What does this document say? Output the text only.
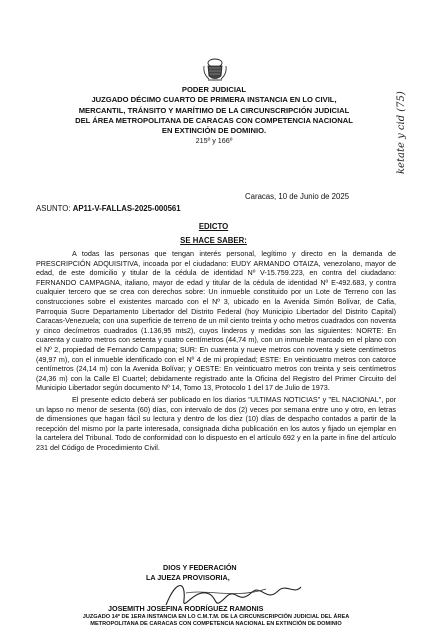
PODER JUDICIAL
JUZGADO DÉCIMO CUARTO DE PRIMERA INSTANCIA EN LO CIVIL,
MERCANTIL, TRÁNSITO Y MARÍTIMO DE LA CIRCUNSCRIPCIÓN JUDICIAL
DEL ÁREA METROPOLITANA DE CARACAS CON COMPETENCIA NACIONAL
EN EXTINCIÓN DE DOMINIO.
215º y 166º	ketate y cid (75)
Caracas, 10 de Junio de 2025
ASUNTO: AP11-V-FALLAS-2025-000561
EDICTO
SE HACE SABER:

A todas las personas que tengan interés personal, legítimo y directo en la demanda de PRESCRIPCIÓN ADQUISITIVA, incoada por el ciudadano: EUDY ARMANDO OTAIZA, venezolano, mayor de edad, de este domicilio y titular de la cédula de identidad Nº V-15.759.223, en contra del ciudadano: FERNANDO CAMPAGNA, italiano, mayor de edad y titular de la cédula de identidad Nº E-492.683, y contra cualquier tercero que se crea con derechos sobre: Un inmueble constituido por un Lote de Terreno con las construcciones sobre el existentes marcado con el Nº 3, ubicado en la Avenida Simón Bolívar, de Cafia, Parroquia Sucre Departamento Libertador del Distrito Federal (hoy Municipio Libertador del Distrito Capital) Caracas-Venezuela; con una superficie de terreno de un mil ciento treinta y ocho metros cuadrados con noventa y cinco decímetros cuadrados (1.136,95 mts2), cuyos linderos y medidas son las siguientes: NORTE: En cuarenta y cuatro metros con setenta y cuatro centímetros (44,74 m), con un inmueble marcado en el plano con el Nº 2, propiedad de Fernando Campagna; SUR: En cuarenta y nueve metros con noventa y siete centímetros (49,97 m), con el inmueble identificado con el Nº 4 de mi propiedad; ESTE: En veinticuatro metros con catorce centímetros (24,14 m) con la Avenida Bolívar; y OESTE: En veinticuatro metros con treinta y seis centímetros (24,36 m) con la Calle El Cuartel; debidamente registrado ante la Oficina del Registro del Primer Circuito del Municipio Libertador según documento Nº 14, Tomo 13, Protocolo 1 del 17 de Julio de 1973.

El presente edicto deberá ser publicado en los diarios "ULTIMAS NOTICIAS" y "EL NACIONAL", por un lapso no menor de sesenta (60) días, con intervalo de dos (2) veces por semana entre uno y otro, en letras de dimensiones que hagan fácil su lectura y dentro de los diez (10) días de despacho contados a partir de la recepción del mismo por la parte interesada, consignada dicha publicación en los autos y fijado un ejemplar en la cartelera del Tribunal. Todo de conformidad con lo dispuesto en el artículo 692 y en la parte in fine del artículo 231 del Código de Procedimiento Civil.

DIOS Y FEDERACIÓN
LA JUEZA PROVISORIA,
JOSEMITH JOSEFINA RODRÍGUEZ RAMONIS
JUZGADO 14º DE 1ERA INSTANCIA EN LO C.M.T.M. DE LA CIRCUNSCRIPCIÓN JUDICIAL DEL ÁREA
METROPOLITANA DE CARACAS CON COMPETENCIA NACIONAL EN EXTINCIÓN DE DOMINIO
